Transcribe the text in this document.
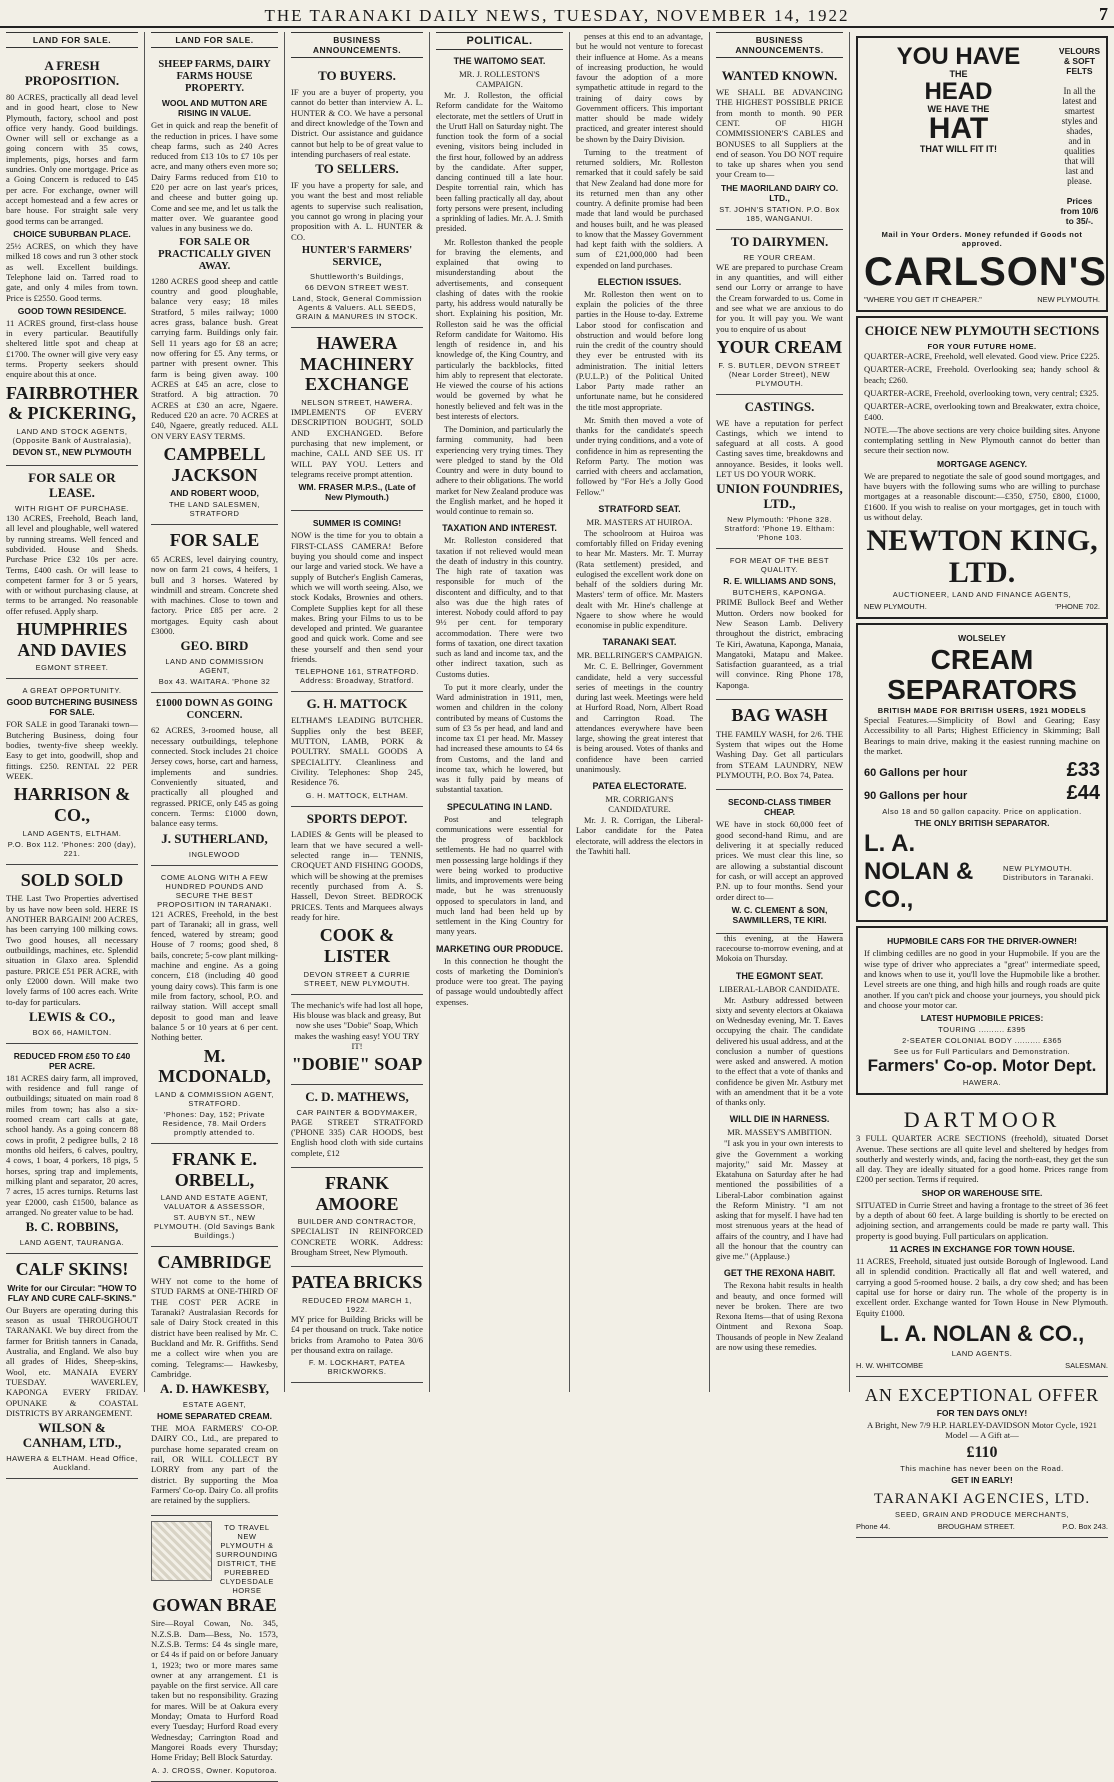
THE TARANAKI DAILY NEWS, TUESDAY, NOVEMBER 14, 1922	7
LAND FOR SALE.
A FRESH PROPOSITION.
80 ACRES, practically all dead level and in good heart, close to New Plymouth, factory, school and post office very handy. Good buildings. Owner will sell or exchange as a going concern with 35 cows, implements, pigs, horses and farm sundries. Only one mortgage. Price as a Going Concern is reduced to £45 per acre. For exchange, owner will accept homestead and a few acres or bare house. For straight sale very good terms can be arranged.
CHOICE SUBURBAN PLACE.
25½ ACRES, on which they have milked 18 cows and run 3 other stock as well. Excellent buildings. Telephone laid on. Tarred road to gate, and only 4 miles from town. Price is £2550. Good terms.
GOOD TOWN RESIDENCE.
11 ACRES ground, first-class house in every particular. Beautifully sheltered little spot and cheap at £1700. The owner will give very easy terms. Property seekers should enquire about this at once.
FAIRBROTHER & PICKERING,
LAND AND STOCK AGENTS, (Opposite Bank of Australasia),
DEVON ST., NEW PLYMOUTH
FOR SALE OR LEASE.
WITH RIGHT OF PURCHASE.
130 ACRES, Freehold, Beach land, all level and ploughable, well watered by running streams. Well fenced and subdivided. House and Sheds. Purchase Price £32 10s per acre. Terms, £400 cash. Or will lease to competent farmer for 3 or 5 years, with or without purchasing clause, at terms to be arranged. No reasonable offer refused. Apply sharp.
HUMPHRIES AND DAVIES
EGMONT STREET.
A GREAT OPPORTUNITY.
GOOD BUTCHERING BUSINESS FOR SALE.
FOR SALE in good Taranaki town—Butchering Business, doing four bodies, twenty-five sheep weekly. Easy to get into, goodwill, shop and fittings. £250. RENTAL 22 PER WEEK.
HARRISON & CO.,
LAND AGENTS, ELTHAM.
P.O. Box 112. 'Phones: 200 (day), 221.
SOLD SOLD
THE Last Two Properties advertised by us have now been sold. HERE IS ANOTHER BARGAIN! 200 ACRES, has been carrying 100 milking cows. Two good houses, all necessary outbuildings, machines, etc. Splendid situation in Glaxo area. Splendid pasture. PRICE £51 PER ACRE, with only £2000 down. Will make two lovely farms of 100 acres each. Write to-day for particulars.
LEWIS & CO.,
BOX 66, HAMILTON.
REDUCED FROM £50 TO £40 PER ACRE.
181 ACRES dairy farm, all improved, with residence and full range of outbuildings; situated on main road 8 miles from town; has also a six-roomed cream cart calls at gate, school handy. As a going concern 88 cows in profit, 2 pedigree bulls, 2 18 months old heifers, 6 calves, poultry, 4 cows, 1 boar, 4 porkers, 18 pigs, 5 horses, spring trap and implements, milking plant and separator, 20 acres, 7 acres, 15 acres turnips. Returns last year £2000, cash £1500, balance as arranged. No greater value to be had.
B. C. ROBBINS,
LAND AGENT, TAURANGA.
CALF SKINS!
Write for our Circular: "HOW TO FLAY AND CURE CALF-SKINS."
Our Buyers are operating during this season as usual THROUGHOUT TARANAKI. We buy direct from the farmer for British tanners in Canada, Australia, and England. We also buy all grades of Hides, Sheep-skins, Wool, etc. MANAIA EVERY TUESDAY. WAVERLEY, KAPONGA EVERY FRIDAY. OPUNAKE & COASTAL DISTRICTS BY ARRANGEMENT.
WILSON & CANHAM, LTD.,
HAWERA & ELTHAM. Head Office, Auckland.
LAND FOR SALE.
SHEEP FARMS, DAIRY FARMS HOUSE PROPERTY.
WOOL AND MUTTON ARE RISING IN VALUE.
Get in quick and reap the benefit of the reduction in prices. I have some cheap farms, such as 240 Acres reduced from £13 10s to £7 10s per acre, and many others even more so; Dairy Farms reduced from £10 to £20 per acre on last year's prices, and cheese and butter going up. Come and see me, and let us talk the matter over. We guarantee good values in any business we do.
FOR SALE OR PRACTICALLY GIVEN AWAY.
1280 ACRES good sheep and cattle country and good ploughable, balance very easy; 18 miles Stratford, 5 miles railway; 1000 acres grass, balance bush. Great carrying farm. Buildings only fair. Sell 11 years ago for £8 an acre; now offering for £5. Any terms, or partner with present owner. This farm is being given away. 100 ACRES at £45 an acre, close to Stratford. A big attraction. 70 ACRES at £30 an acre, Ngaere. Reduced £20 an acre. 70 ACRES at £40, Ngaere, greatly reduced. ALL ON VERY EASY TERMS.
CAMPBELL JACKSON
AND ROBERT WOOD,
THE LAND SALESMEN, STRATFORD
FOR SALE
65 ACRES, level dairying country, now on farm 21 cows, 4 heifers, 1 bull and 3 horses. Watered by windmill and stream. Concrete shed with machines. Close to town and factory. Price £85 per acre. 2 mortgages. Equity cash about £3000.
GEO. BIRD
LAND AND COMMISSION AGENT,
Box 43. WAITARA. 'Phone 32
£1000 DOWN AS GOING CONCERN.
62 ACRES, 3-roomed house, all necessary outbuildings, telephone connected. Stock includes 21 choice Jersey cows, horse, cart and harness, implements and sundries. Conveniently situated, and practically all ploughed and regrassed. PRICE, only £45 as going concern. Terms: £1000 down, balance easy terms.
J. SUTHERLAND,
INGLEWOOD
COME ALONG WITH A FEW HUNDRED POUNDS AND SECURE THE BEST PROPOSITION IN TARANAKI.
121 ACRES, Freehold, in the best part of Taranaki; all in grass, well fenced, watered by stream; good House of 7 rooms; good shed, 8 bails, concrete; 5-cow plant milking-machine and engine. As a going concern, £18 (including 40 good young dairy cows). This farm is one mile from factory, school, P.O. and railway station. Will accept small deposit to good man and leave balance 5 or 10 years at 6 per cent. Nothing better.
M. MCDONALD,
LAND & COMMISSION AGENT, STRATFORD.
'Phones: Day, 152; Private Residence, 78. Mail Orders promptly attended to.
FRANK E. ORBELL,
LAND AND ESTATE AGENT, VALUATOR & ASSESSOR,
ST. AUBYN ST., NEW PLYMOUTH. (Old Savings Bank Buildings.)
CAMBRIDGE
WHY not come to the home of STUD FARMS at ONE-THIRD OF THE COST PER ACRE in Taranaki? Australasian Records for sale of Dairy Stock created in this district have been realised by Mr. C. Buckland and Mr. R. Griffiths. Send me a collect wire when you are coming. Telegrams:— Hawkesby, Cambridge.
A. D. HAWKESBY,
ESTATE AGENT,
HOME SEPARATED CREAM.
THE MOA FARMERS' CO-OP. DAIRY CO., Ltd., are prepared to purchase home separated cream on rail, OR WILL COLLECT BY LORRY from any part of the district. By supporting the Moa Farmers' Co-op. Dairy Co. all profits are retained by the suppliers.
TO TRAVEL NEW PLYMOUTH & SURROUNDING DISTRICT, THE PUREBRED CLYDESDALE HORSE
GOWAN BRAE
Sire—Royal Cowan, No. 345, N.Z.S.B. Dam—Bess, No. 1573, N.Z.S.B. Terms: £4 4s single mare, or £4 4s if paid on or before January 1, 1923; two or more mares same owner at any arrangement. £1 is payable on the first service. All care taken but no responsibility. Grazing for mares. Will be at Oakura every Monday; Omata to Hurford Road every Tuesday; Hurford Road every Wednesday; Carrington Road and Mangorei Roads every Thursday; Home Friday; Bell Block Saturday.
A. J. CROSS, Owner. Koputoroa.
BUSINESS ANNOUNCEMENTS.
TO BUYERS.
IF you are a buyer of property, you cannot do better than interview A. L. HUNTER & CO. We have a personal and direct knowledge of the Town and District. Our assistance and guidance cannot but help to be of great value to intending purchasers of real estate.
TO SELLERS.
IF you have a property for sale, and you want the best and most reliable agents to supervise such realisation, you cannot go wrong in placing your proposition with A. L. HUNTER & CO.
HUNTER'S FARMERS' SERVICE,
Shuttleworth's Buildings,
66 DEVON STREET WEST.
Land, Stock, General Commission Agents & Valuers. ALL SEEDS, GRAIN & MANURES IN STOCK.
HAWERA MACHINERY EXCHANGE
NELSON STREET, HAWERA.
IMPLEMENTS OF EVERY DESCRIPTION BOUGHT, SOLD AND EXCHANGED. Before purchasing that new implement, or machine, CALL AND SEE US. IT WILL PAY YOU. Letters and telegrams receive prompt attention.
WM. FRASER M.P.S., (Late of New Plymouth.)
SUMMER IS COMING!
NOW is the time for you to obtain a FIRST-CLASS CAMERA! Before buying you should come and inspect our large and varied stock. We have a supply of Butcher's English Cameras, which we will worth seeing. Also, we stock Kodaks, Brownies and others. Complete Supplies kept for all these makes. Bring your Films to us to be developed and printed. We guarantee good and quick work. Come and see these yourself and then send your friends.
TELEPHONE 161, STRATFORD. Address: Broadway, Stratford.
G. H. MATTOCK
ELTHAM'S LEADING BUTCHER. Supplies only the best BEEF, MUTTON, LAMB, PORK & POULTRY. SMALL GOODS A SPECIALITY. Cleanliness and Civility. Telephones: Shop 245, Residence 76.
G. H. MATTOCK, ELTHAM.
SPORTS DEPOT.
LADIES & Gents will be pleased to learn that we have secured a well-selected range in— TENNIS, CROQUET AND FISHING GOODS, which will be showing at the premises recently purchased from A. S. Hassell, Devon Street. BEDROCK PRICES. Tents and Marquees always ready for hire.
COOK & LISTER
DEVON STREET & CURRIE STREET, NEW PLYMOUTH.
The mechanic's wife had lost all hope, His blouse was black and greasy, But now she uses "Dobie" Soap, Which makes the washing easy! YOU TRY IT!
"DOBIE" SOAP
C. D. MATHEWS,
CAR PAINTER & BODYMAKER,
PAGE STREET STRATFORD ('PHONE 335) CAR HOODS, best English hood cloth with side curtains complete, £12
FRANK AMOORE
BUILDER AND CONTRACTOR,
SPECIALIST IN REINFORCED CONCRETE WORK. Address: Brougham Street, New Plymouth.
PATEA BRICKS
REDUCED FROM MARCH 1, 1922.
MY price for Building Bricks will be £4 per thousand on truck. Take notice bricks from Aramoho to Patea 30/6 per thousand extra on railage.
F. M. LOCKHART, PATEA BRICKWORKS.
POLITICAL.
THE WAITOMO SEAT.
MR. J. ROLLESTON'S CAMPAIGN.
Mr. J. Rolleston, the official Reform candidate for the Waitomo electorate, met the settlers of Urutī in the Urutī Hall on Saturday night. The function took the form of a social evening, visitors being included in the first hour, followed by an address by the candidate. After supper, dancing continued till a late hour. Despite torrential rain, which has been falling practically all day, about forty persons were present, including a sprinkling of ladies. Mr. A. J. Smith presided.
Mr. Rolleston thanked the people for braving the elements, and explained that owing to misunderstanding about the advertisements, and consequent clashing of dates with the rookie party, his address would naturally be short. Explaining his position, Mr. Rolleston said he was the official Reform candidate for Waitomo. His length of residence in, and his knowledge of, the King Country, and particularly the backblocks, fitted him ably to represent that electorate. He viewed the course of his actions would be governed by what he honestly believed and felt was in the best interests of electors.
The Dominion, and particularly the farming community, had been experiencing very trying times. They were pledged to stand by the Old Country and were in duty bound to adhere to their obligations. The world market for New Zealand produce was the English market, and he hoped it would continue to remain so.
TAXATION AND INTEREST.
Mr. Rolleston considered that taxation if not relieved would mean the death of industry in this country. The high rate of taxation was responsible for much of the discontent and difficulty, and to that also was due the high rates of interest. Nobody could afford to pay 9½ per cent. for temporary accommodation. There were two forms of taxation, one direct taxation such as land and income tax, and the other indirect taxation, such as Customs duties.
To put it more clearly, under the Ward administration in 1911, men, women and children in the colony contributed by means of Customs the sum of £3 5s per head, and land and income tax £1 per head. Mr. Massey had increased these amounts to £4 6s from Customs, and the land and income tax, which he lowered, but was it fully paid by means of substantial taxation.
SPECULATING IN LAND.
Post and telegraph communications were essential for the progress of backblock settlements. He had no quarrel with men possessing large holdings if they were being worked to productive limits, and improvements were being made, but he was strenuously opposed to speculators in land, and much land had been held up by settlement in the King Country for many years.
MARKETING OUR PRODUCE.
In this connection he thought the costs of marketing the Dominion's produce were too great. The paying of passage would undoubtedly affect expenses.
penses at this end to an advantage, but he would not venture to forecast their influence at Home. As a means of increasing production, he would favour the adoption of a more sympathetic attitude in regard to the training of dairy cows by Government officers. This important matter should be made widely practiced, and greater interest should be shown by the Dairy Division.
Turning to the treatment of returned soldiers, Mr. Rolleston remarked that it could safely be said that New Zealand had done more for its returned men than any other country. A definite promise had been made that land would be purchased and houses built, and he was pleased to know that the Massey Government had kept faith with the soldiers. A sum of £21,000,000 had been expended on land purchases.
ELECTION ISSUES.
Mr. Rolleston then went on to explain the policies of the three parties in the House to-day. Extreme Labor stood for confiscation and obstruction and would before long ruin the credit of the country should they ever be entrusted with its administration. The initial letters (P.U.L.P.) of the Political United Labor Party made rather an unfortunate name, but he considered the title most appropriate.
Mr. Smith then moved a vote of thanks for the candidate's speech under trying conditions, and a vote of confidence in him as representing the Reform Party. The motion was carried with cheers and acclamation, followed by "For He's a Jolly Good Fellow."
STRATFORD SEAT.
MR. MASTERS AT HUIROA.
The schoolroom at Huiroa was comfortably filled on Friday evening to hear Mr. Masters. Mr. T. Murray (Rata settlement) presided, and eulogised the excellent work done on behalf of the soldiers during Mr. Masters' term of office. Mr. Masters dealt with Mr. Hine's challenge at Ngaere to show where he would economise in public expenditure.
TARANAKI SEAT.
MR. BELLRINGER'S CAMPAIGN.
Mr. C. E. Bellringer, Government candidate, held a very successful series of meetings in the country during last week. Meetings were held at Hurford Road, Norn, Albert Road and Carrington Road. The attendances everywhere have been large, showing the great interest that is being aroused. Votes of thanks and confidence have been carried unanimously.
PATEA ELECTORATE.
MR. CORRIGAN'S CANDIDATURE.
Mr. J. R. Corrigan, the Liberal-Labor candidate for the Patea electorate, will address the electors in the Tawhiti hall.
BUSINESS ANNOUNCEMENTS.
WANTED KNOWN.
WE SHALL BE ADVANCING THE HIGHEST POSSIBLE PRICE from month to month. 90 PER CENT. OF HIGH COMMISSIONER'S CABLES and BONUSES to all Suppliers at the end of season. You DO NOT require to take up shares when you send your Cream to—
THE MAORILAND DAIRY CO. LTD.,
ST. JOHN'S STATION. P.O. Box 185, WANGANUI.
TO DAIRYMEN.
RE YOUR CREAM.
WE are prepared to purchase Cream in any quantities, and will either send our Lorry or arrange to have the Cream forwarded to us. Come in and see what we are anxious to do for you. It will pay you. We want you to enquire of us about
YOUR CREAM
F. S. BUTLER, DEVON STREET (Near Lorder Street), NEW PLYMOUTH.
CASTINGS.
WE have a reputation for perfect Castings, which we intend to safeguard at all costs. A good Casting saves time, breakdowns and annoyance. Besides, it looks well. LET US DO YOUR WORK.
UNION FOUNDRIES, LTD.,
New Plymouth: 'Phone 328. Stratford: 'Phone 19. Eltham: 'Phone 103.
FOR MEAT OF THE BEST QUALITY.
R. E. WILLIAMS AND SONS,
BUTCHERS, KAPONGA.
PRIME Bullock Beef and Wether Mutton. Orders now booked for New Season Lamb. Delivery throughout the district, embracing Te Kiri, Awatuna, Kaponga, Manaia, Mangatoki, Matapu and Makee. Satisfaction guaranteed, as a trial will convince. Ring Phone 178, Kaponga.
BAG WASH
THE FAMILY WASH, for 2/6. THE System that wipes out the Home Washing Day. Get all particulars from STEAM LAUNDRY, NEW PLYMOUTH, P.O. Box 74, Patea.
SECOND-CLASS TIMBER CHEAP.
WE have in stock 60,000 feet of good second-hand Rimu, and are delivering it at specially reduced prices. We must clear this line, so are allowing a substantial discount for cash, or will accept an approved P.N. up to four months. Send your order direct to—
W. C. CLEMENT & SON, SAWMILLERS, TE KIRI.
this evening, at the Hawera racecourse to-morrow evening, and at Mokoia on Thursday.
THE EGMONT SEAT.
LIBERAL-LABOR CANDIDATE.
Mr. Astbury addressed between sixty and seventy electors at Okaiawa on Wednesday evening, Mr. T. Eaves occupying the chair. The candidate delivered his usual address, and at the conclusion a number of questions were asked and answered. A motion to the effect that a vote of thanks and confidence be given Mr. Astbury met with an amendment that it be a vote of thanks only.
WILL DIE IN HARNESS.
MR. MASSEY'S AMBITION.
"I ask you in your own interests to give the Government a working majority," said Mr. Massey at Ekatahuna on Saturday after he had mentioned the possibilities of a Liberal-Labor combination against the Reform Ministry. "I am not asking that for myself. I have had ten most strenuous years at the head of affairs of the country, and I have had all the honour that the country can give me." (Applause.)
GET THE REXONA HABIT.
The Rexona habit results in health and beauty, and once formed will never be broken. There are two Rexona Items—that of using Rexona Ointment and Rexona Soap. Thousands of people in New Zealand are now using these remedies.
YOU HAVE
THE
HEAD
WE HAVE THE
HAT
THAT WILL FIT IT!
VELOURS & SOFT FELTS
In all the latest and smartest styles and shades, and in qualities that will last and please.
Prices from 10/6 to 35/-.
Mail in Your Orders. Money refunded if Goods not approved.
CARLSON'S
"WHERE YOU GET IT CHEAPER."	NEW PLYMOUTH.
CHOICE NEW PLYMOUTH SECTIONS
FOR YOUR FUTURE HOME.
QUARTER-ACRE, Freehold, well elevated. Good view. Price £225.
QUARTER-ACRE, Freehold. Overlooking sea; handy school & beach; £260.
QUARTER-ACRE, Freehold, overlooking town, very central; £325.
QUARTER-ACRE, overlooking town and Breakwater, extra choice, £400.
NOTE.—The above sections are very choice building sites. Anyone contemplating settling in New Plymouth cannot do better than secure their section now.
MORTGAGE AGENCY.
We are prepared to negotiate the sale of good sound mortgages, and have buyers with the following sums who are willing to purchase mortgages at a reasonable discount:—£350, £750, £800, £1000, £1600. If you wish to realise on your mortgages, get in touch with us without delay.
NEWTON KING, LTD.
AUCTIONEER, LAND AND FINANCE AGENTS,
NEW PLYMOUTH.	'PHONE 702.
WOLSELEY
CREAM SEPARATORS
BRITISH MADE FOR BRITISH USERS, 1921 MODELS
Special Features.—Simplicity of Bowl and Gearing; Easy Accessibility to all Parts; Highest Efficiency in Skimming; Ball Bearings to main drive, making it the easiest running machine on the market.
60 Gallons per hour	£33
90 Gallons per hour	£44
Also 18 and 50 gallon capacity. Price on application.
THE ONLY BRITISH SEPARATOR.
L. A. NOLAN & CO.,
NEW PLYMOUTH. Distributors in Taranaki.
HUPMOBILE CARS FOR THE DRIVER-OWNER!
If climbing cedilles are no good in your Hupmobile. If you are the wise type of driver who appreciates a "great" intermediate speed, and knows when to use it, you'll love the Hupmobile like a brother. Level streets are one thing, and high hills and rough roads are quite another. If you can't pick and choose your journeys, you should pick and choose your motor car.
LATEST HUPMOBILE PRICES:
TOURING .......... £395
2-SEATER COLONIAL BODY .......... £365
See us for Full Particulars and Demonstration.
Farmers' Co-op. Motor Dept.
HAWERA.
DARTMOOR
3 FULL QUARTER ACRE SECTIONS (freehold), situated Dorset Avenue. These sections are all quite level and sheltered by hedges from southerly and westerly winds, and, facing the north-east, they get the sun all day. They are ideally situated for a good home. Prices range from £200 per section. Terms if required.
SHOP OR WAREHOUSE SITE.
SITUATED in Currie Street and having a frontage to the street of 36 feet by a depth of about 60 feet. A large building is shortly to be erected on adjoining section, and arrangements could be made re party wall. This property is good buying. Full particulars on application.
11 ACRES IN EXCHANGE FOR TOWN HOUSE.
11 ACRES, Freehold, situated just outside Borough of Inglewood. Land all in splendid condition. Practically all flat and well watered, and carrying a good 5-roomed house. 2 bails, a dry cow shed; and has been capital use for horse or dairy run. The whole of the property is in excellent order. Exchange wanted for Town House in New Plymouth. Equity £1000.
L. A. NOLAN & CO.,
LAND AGENTS.
H. W. WHITCOMBE	SALESMAN.
AN EXCEPTIONAL OFFER
FOR TEN DAYS ONLY!
A Bright, New 7/9 H.P. HARLEY-DAVIDSON Motor Cycle, 1921 Model — A Gift at—
£110
This machine has never been on the Road.
GET IN EARLY!
TARANAKI AGENCIES, LTD.
SEED, GRAIN AND PRODUCE MERCHANTS,
Phone 44.	BROUGHAM STREET.	P.O. Box 243.
